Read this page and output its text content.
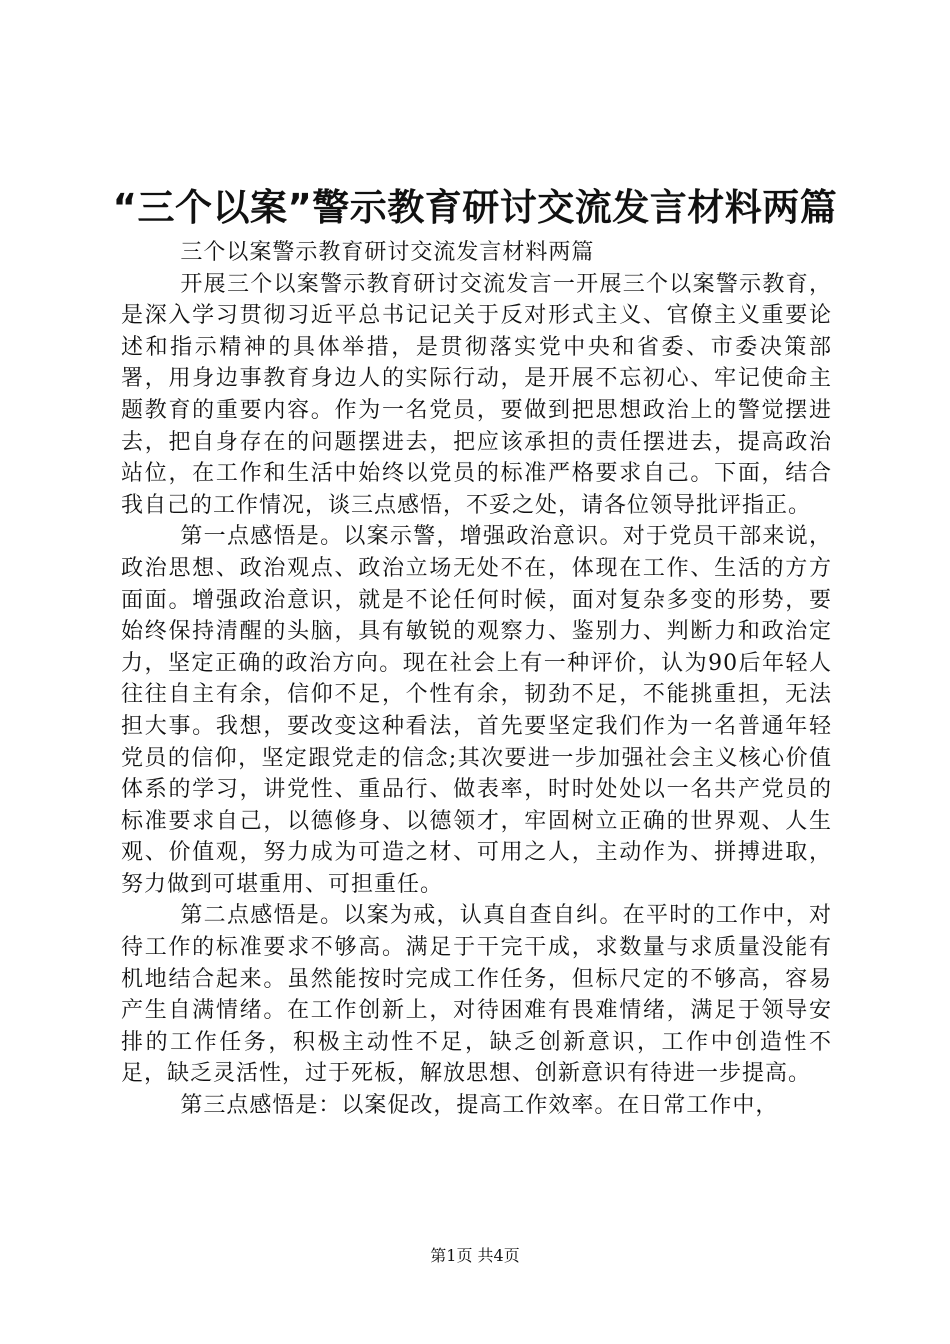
“三个以案”警示教育研讨交流发言材料两篇

三个以案警示教育研讨交流发言材料两篇

开展三个以案警示教育研讨交流发言一开展三个以案警示教育，是深入学习贯彻习近平总书记记关于反对形式主义、官僚主义重要论述和指示精神的具体举措，是贯彻落实党中央和省委、市委决策部署，用身边事教育身边人的实际行动，是开展不忘初心、牢记使命主题教育的重要内容。作为一名党员，要做到把思想政治上的警觉摆进去，把自身存在的问题摆进去，把应该承担的责任摆进去，提高政治站位，在工作和生活中始终以党员的标准严格要求自己。下面，结合我自己的工作情况，谈三点感悟，不妥之处，请各位领导批评指正。

第一点感悟是。以案示警，增强政治意识。对于党员干部来说，政治思想、政治观点、政治立场无处不在，体现在工作、生活的方方面面。增强政治意识，就是不论任何时候，面对复杂多变的形势，要始终保持清醒的头脑，具有敏锐的观察力、鉴别力、判断力和政治定力，坚定正确的政治方向。现在社会上有一种评价，认为90后年轻人往往自主有余，信仰不足，个性有余，韧劲不足，不能挑重担，无法担大事。我想，要改变这种看法，首先要坚定我们作为一名普通年轻党员的信仰，坚定跟党走的信念;其次要进一步加强社会主义核心价值体系的学习，讲党性、重品行、做表率，时时处处以一名共产党员的标准要求自己，以德修身、以德领才，牢固树立正确的世界观、人生观、价值观，努力成为可造之材、可用之人，主动作为、拼搏进取，努力做到可堪重用、可担重任。

第二点感悟是。以案为戒，认真自查自纠。在平时的工作中，对待工作的标准要求不够高。满足于干完干成，求数量与求质量没能有机地结合起来。虽然能按时完成工作任务，但标尺定的不够高，容易产生自满情绪。在工作创新上，对待困难有畏难情绪，满足于领导安排的工作任务，积极主动性不足，缺乏创新意识，工作中创造性不足，缺乏灵活性，过于死板，解放思想、创新意识有待进一步提高。

第三点感悟是：以案促改，提高工作效率。在日常工作中，

第1页 共4页
